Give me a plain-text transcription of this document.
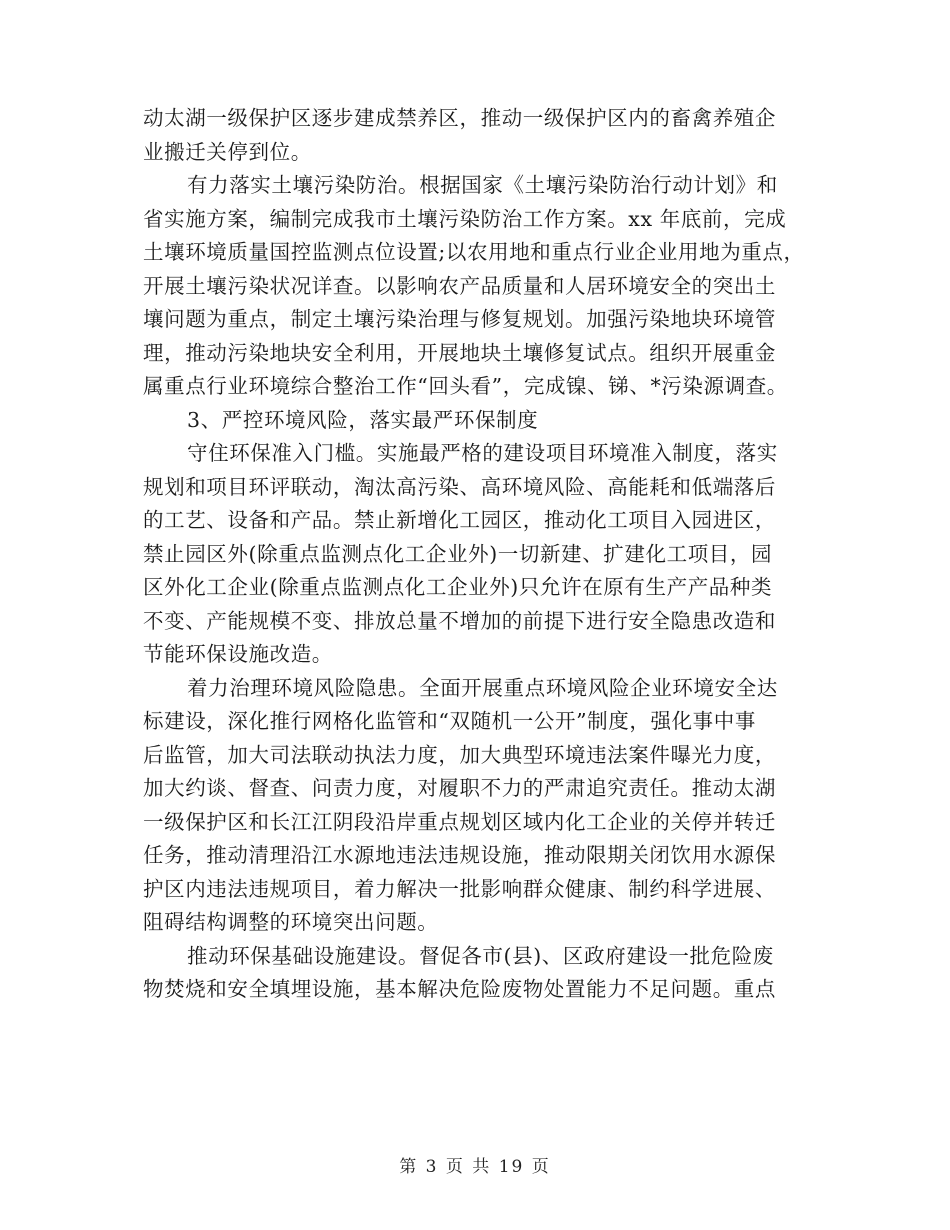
动太湖一级保护区逐步建成禁养区，推动一级保护区内的畜禽养殖企
业搬迁关停到位。
有力落实土壤污染防治。根据国家《土壤污染防治行动计划》和
省实施方案，编制完成我市土壤污染防治工作方案。xx 年底前，完成
土壤环境质量国控监测点位设置;以农用地和重点行业企业用地为重点，
开展土壤污染状况详查。以影响农产品质量和人居环境安全的突出土
壤问题为重点，制定土壤污染治理与修复规划。加强污染地块环境管
理，推动污染地块安全利用，开展地块土壤修复试点。组织开展重金
属重点行业环境综合整治工作“回头看”，完成镍、锑、*污染源调查。
3、严控环境风险，落实最严环保制度
守住环保准入门槛。实施最严格的建设项目环境准入制度，落实
规划和项目环评联动，淘汰高污染、高环境风险、高能耗和低端落后
的工艺、设备和产品。禁止新增化工园区，推动化工项目入园进区，
禁止园区外(除重点监测点化工企业外)一切新建、扩建化工项目，园
区外化工企业(除重点监测点化工企业外)只允许在原有生产产品种类
不变、产能规模不变、排放总量不增加的前提下进行安全隐患改造和
节能环保设施改造。
着力治理环境风险隐患。全面开展重点环境风险企业环境安全达
标建设，深化推行网格化监管和“双随机一公开”制度，强化事中事
后监管，加大司法联动执法力度，加大典型环境违法案件曝光力度，
加大约谈、督查、问责力度，对履职不力的严肃追究责任。推动太湖
一级保护区和长江江阴段沿岸重点规划区域内化工企业的关停并转迁
任务，推动清理沿江水源地违法违规设施，推动限期关闭饮用水源保
护区内违法违规项目，着力解决一批影响群众健康、制约科学进展、
阻碍结构调整的环境突出问题。
推动环保基础设施建设。督促各市(县)、区政府建设一批危险废
物焚烧和安全填埋设施，基本解决危险废物处置能力不足问题。重点
第 3 页 共 19 页
